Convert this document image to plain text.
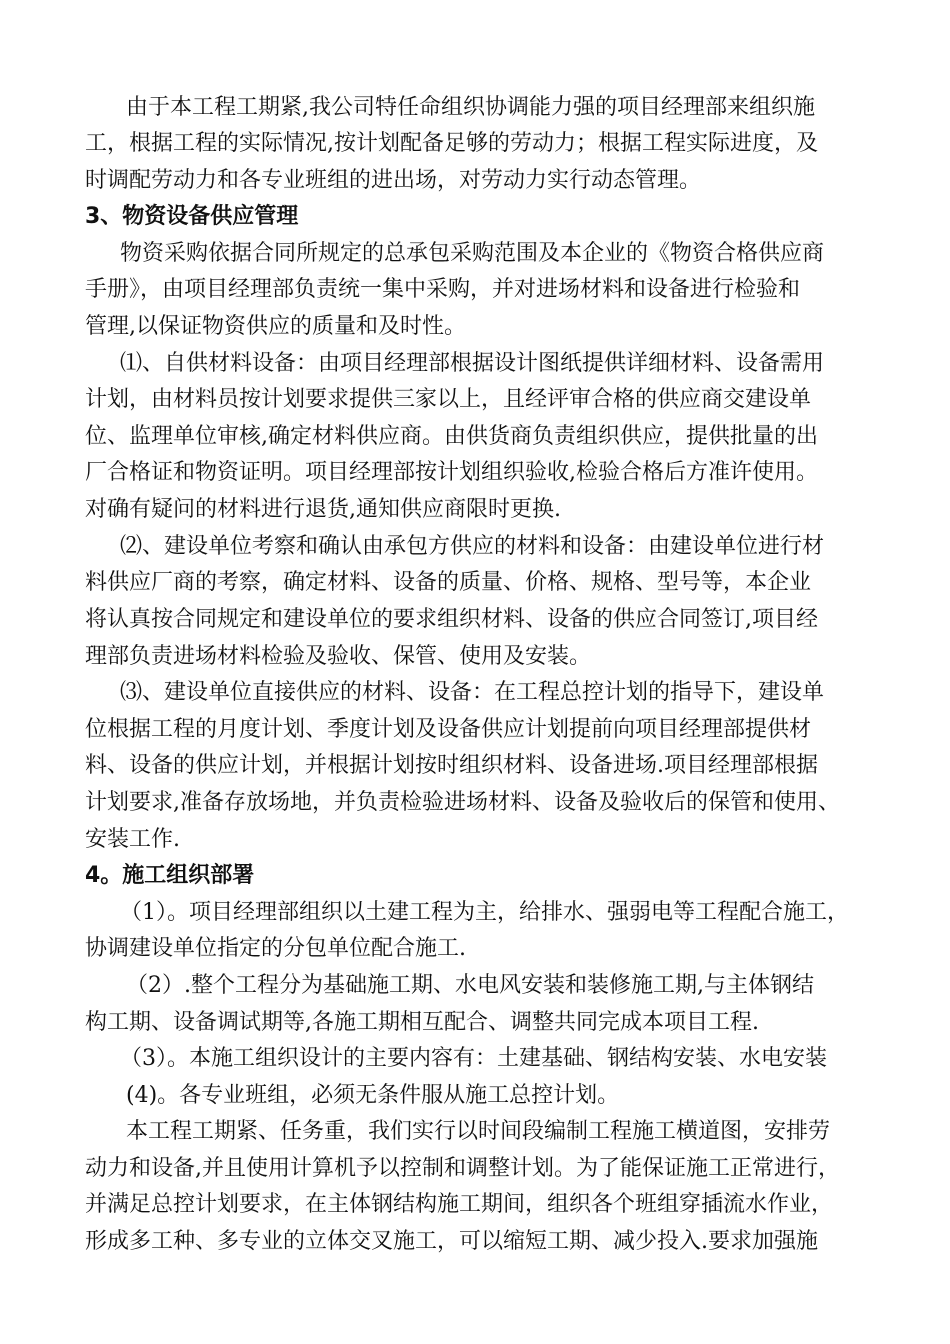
由于本工程工期紧,我公司特任命组织协调能力强的项目经理部来组织施
工，根据工程的实际情况,按计划配备足够的劳动力；根据工程实际进度，及
时调配劳动力和各专业班组的进出场，对劳动力实行动态管理。
3、物资设备供应管理
物资采购依据合同所规定的总承包采购范围及本企业的《物资合格供应商
手册》，由项目经理部负责统一集中采购，并对进场材料和设备进行检验和
管理,以保证物资供应的质量和及时性。
⑴、自供材料设备：由项目经理部根据设计图纸提供详细材料、设备需用
计划，由材料员按计划要求提供三家以上，且经评审合格的供应商交建设单
位、监理单位审核,确定材料供应商。由供货商负责组织供应，提供批量的出
厂合格证和物资证明。项目经理部按计划组织验收,检验合格后方准许使用。
对确有疑问的材料进行退货,通知供应商限时更换.
⑵、建设单位考察和确认由承包方供应的材料和设备：由建设单位进行材
料供应厂商的考察，确定材料、设备的质量、价格、规格、型号等，本企业
将认真按合同规定和建设单位的要求组织材料、设备的供应合同签订,项目经
理部负责进场材料检验及验收、保管、使用及安装。
⑶、建设单位直接供应的材料、设备：在工程总控计划的指导下，建设单
位根据工程的月度计划、季度计划及设备供应计划提前向项目经理部提供材
料、设备的供应计划，并根据计划按时组织材料、设备进场.项目经理部根据
计划要求,准备存放场地，并负责检验进场材料、设备及验收后的保管和使用、
安装工作.
4。施工组织部署
（1）。项目经理部组织以土建工程为主，给排水、强弱电等工程配合施工，
协调建设单位指定的分包单位配合施工.
（2）.整个工程分为基础施工期、水电风安装和装修施工期,与主体钢结
构工期、设备调试期等,各施工期相互配合、调整共同完成本项目工程.
（3）。本施工组织设计的主要内容有：土建基础、钢结构安装、水电安装
(4)。各专业班组，必须无条件服从施工总控计划。
本工程工期紧、任务重，我们实行以时间段编制工程施工横道图，安排劳
动力和设备,并且使用计算机予以控制和调整计划。为了能保证施工正常进行，
并满足总控计划要求，在主体钢结构施工期间，组织各个班组穿插流水作业，
形成多工种、多专业的立体交叉施工，可以缩短工期、减少投入.要求加强施
